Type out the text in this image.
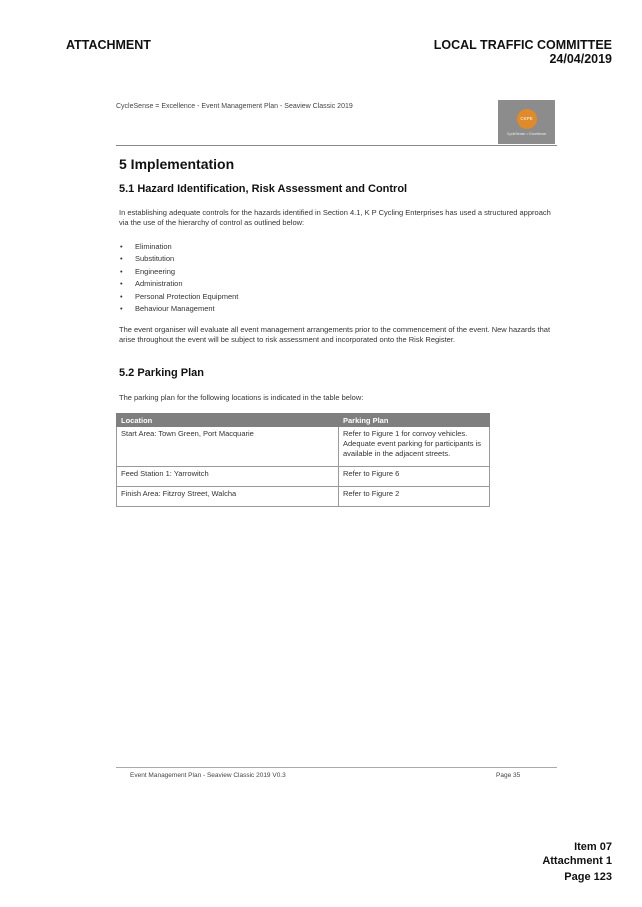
ATTACHMENT	LOCAL TRAFFIC COMMITTEE
24/04/2019
CycleSense = Excellence - Event Management Plan - Seaview Classic 2019
CKPE
CycleSense = Excellence
5 Implementation
5.1 Hazard Identification, Risk Assessment and Control
In establishing adequate controls for the hazards identified in Section 4.1, K P Cycling Enterprises has used a structured approach via the use of the hierarchy of control as outlined below:
• Elimination
• Substitution
• Engineering
• Administration
• Personal Protection Equipment
• Behaviour Management
The event organiser will evaluate all event management arrangements prior to the commencement of the event. New hazards that arise throughout the event will be subject to risk assessment and incorporated onto the Risk Register.
5.2 Parking Plan
The parking plan for the following locations is indicated in the table below:
Location	Parking Plan
Start Area: Town Green, Port Macquarie	Refer to Figure 1 for convoy vehicles. Adequate event parking for participants is available in the adjacent streets.
Feed Station 1: Yarrowitch	Refer to Figure 6
Finish Area: Fitzroy Street, Walcha	Refer to Figure 2
Event Management Plan - Seaview Classic 2019 V0.3	Page 35
Item 07
Attachment 1
Page 123
